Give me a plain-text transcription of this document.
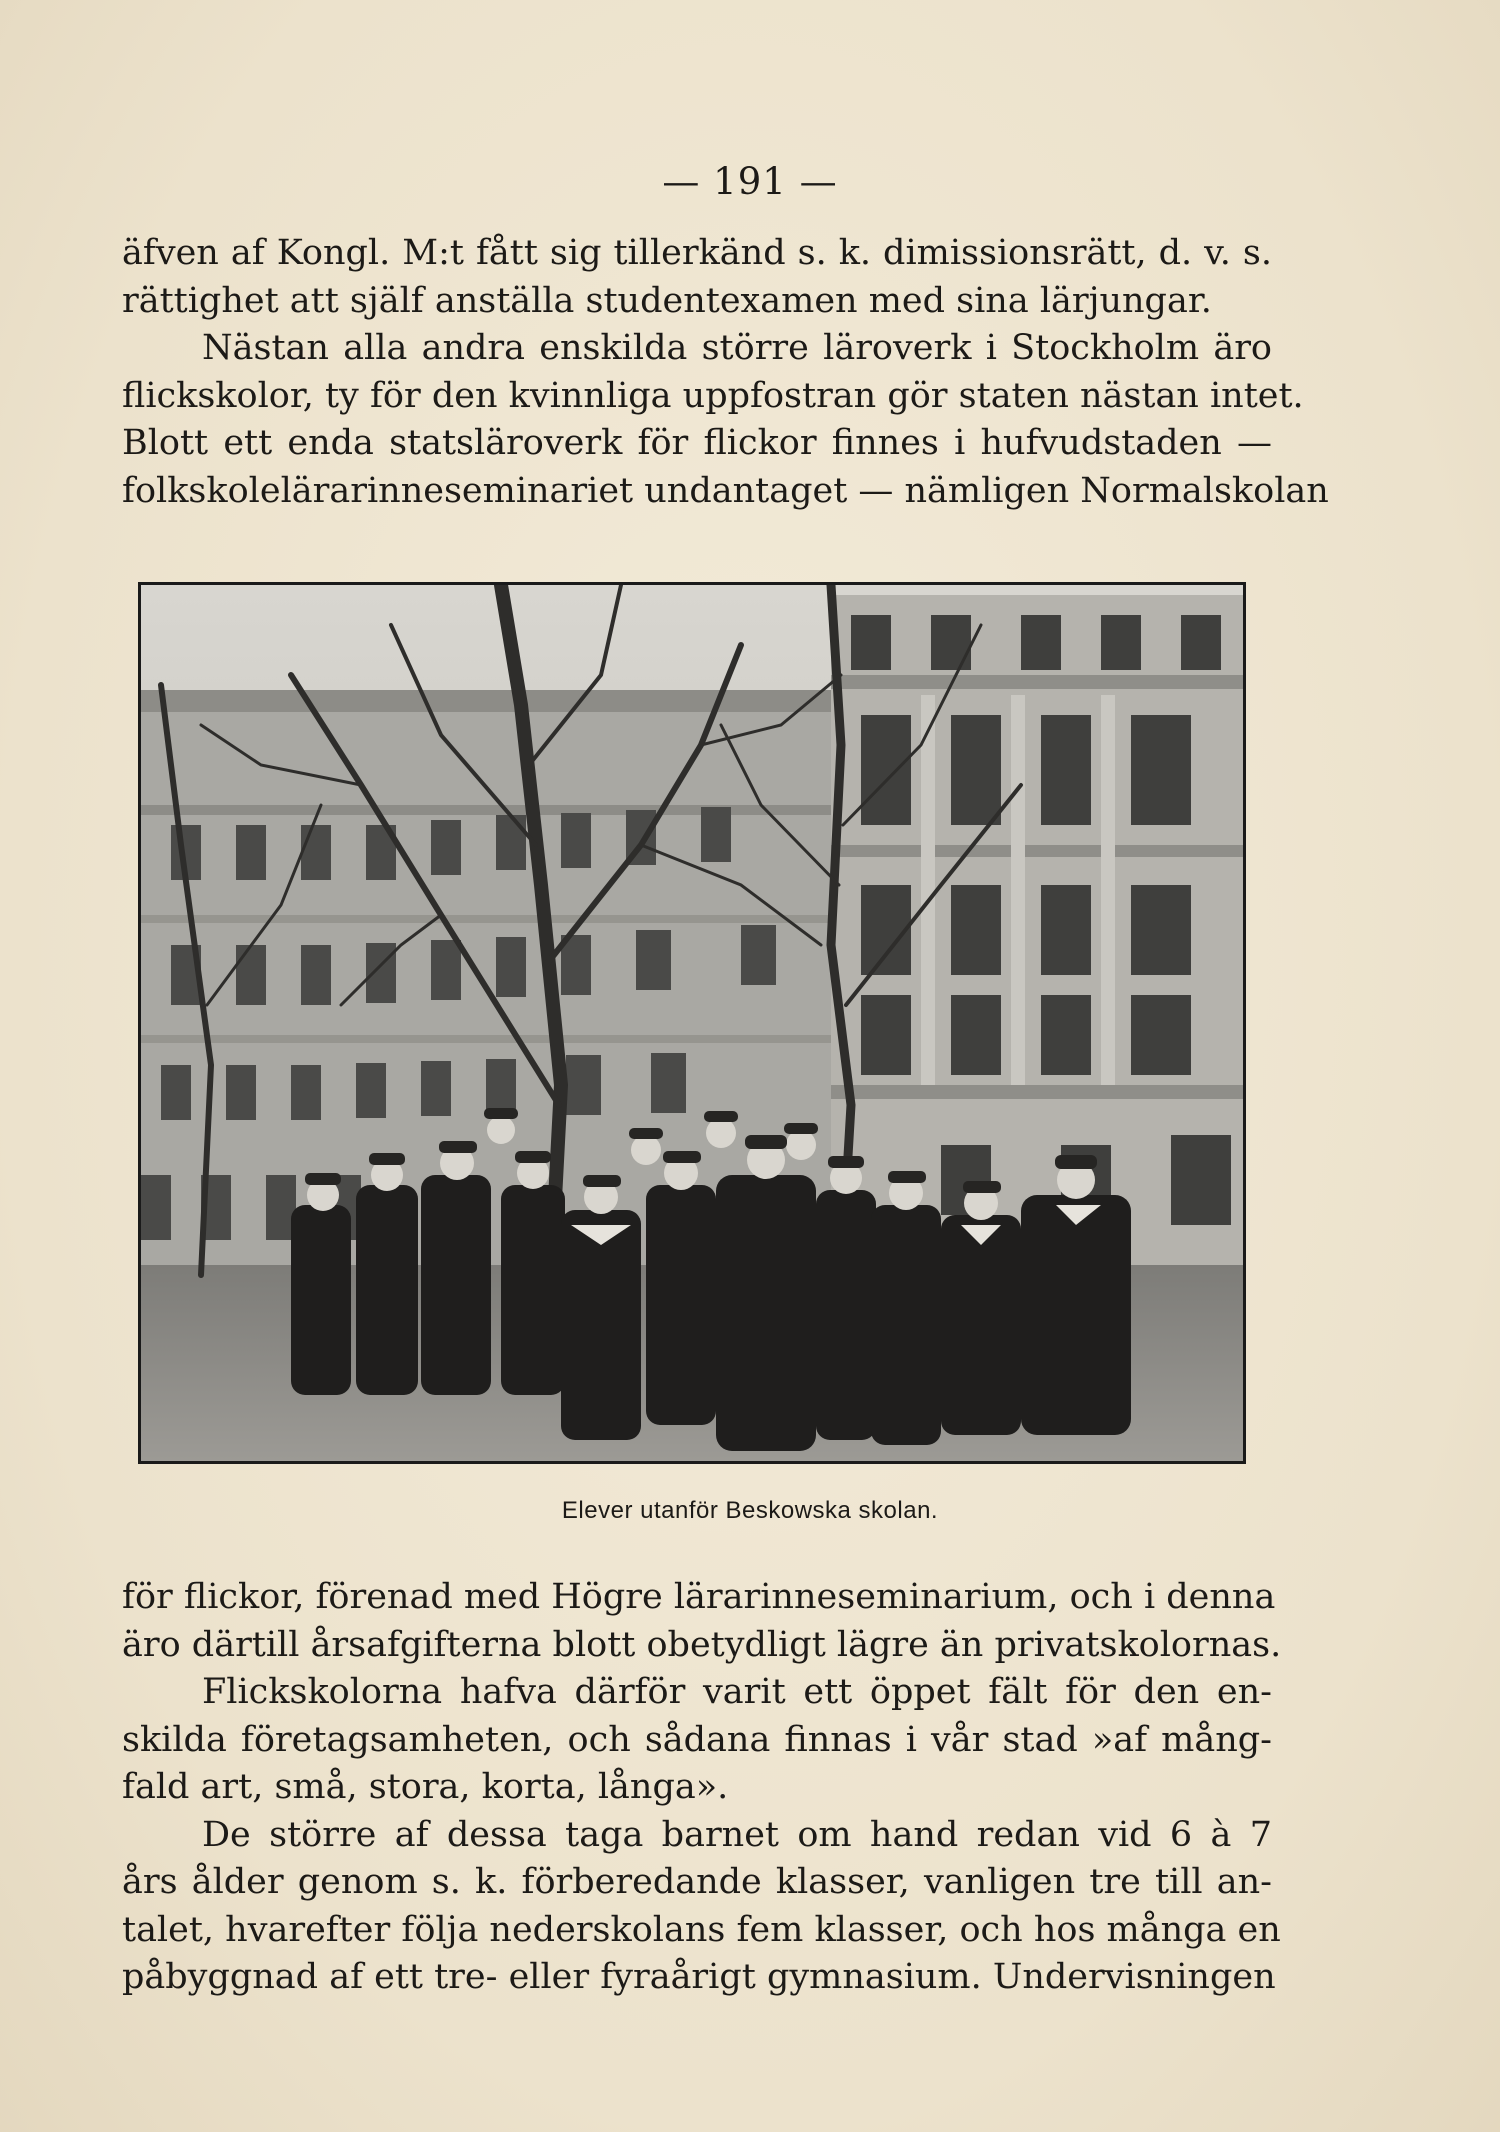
— 191 —
äfven af Kongl. M:t fått sig tillerkänd s. k. dimissionsrätt, d. v. s.
rättighet att själf anställa studentexamen med sina lärjungar.
Nästan alla andra enskilda större läroverk i Stockholm äro
flickskolor, ty för den kvinnliga uppfostran gör staten nästan intet.
Blott ett enda statsläroverk för flickor finnes i hufvudstaden —
folkskolelärarinneseminariet undantaget — nämligen Normalskolan
Elever utanför Beskowska skolan.
för flickor, förenad med Högre lärarinneseminarium, och i denna
äro därtill årsafgifterna blott obetydligt lägre än privatskolornas.
Flickskolorna hafva därför varit ett öppet fält för den en-
skilda företagsamheten, och sådana finnas i vår stad »af mång-
fald art, små, stora, korta, långa».
De större af dessa taga barnet om hand redan vid 6 à 7
års ålder genom s. k. förberedande klasser, vanligen tre till an-
talet, hvarefter följa nederskolans fem klasser, och hos många en
påbyggnad af ett tre- eller fyraårigt gymnasium. Undervisningen
